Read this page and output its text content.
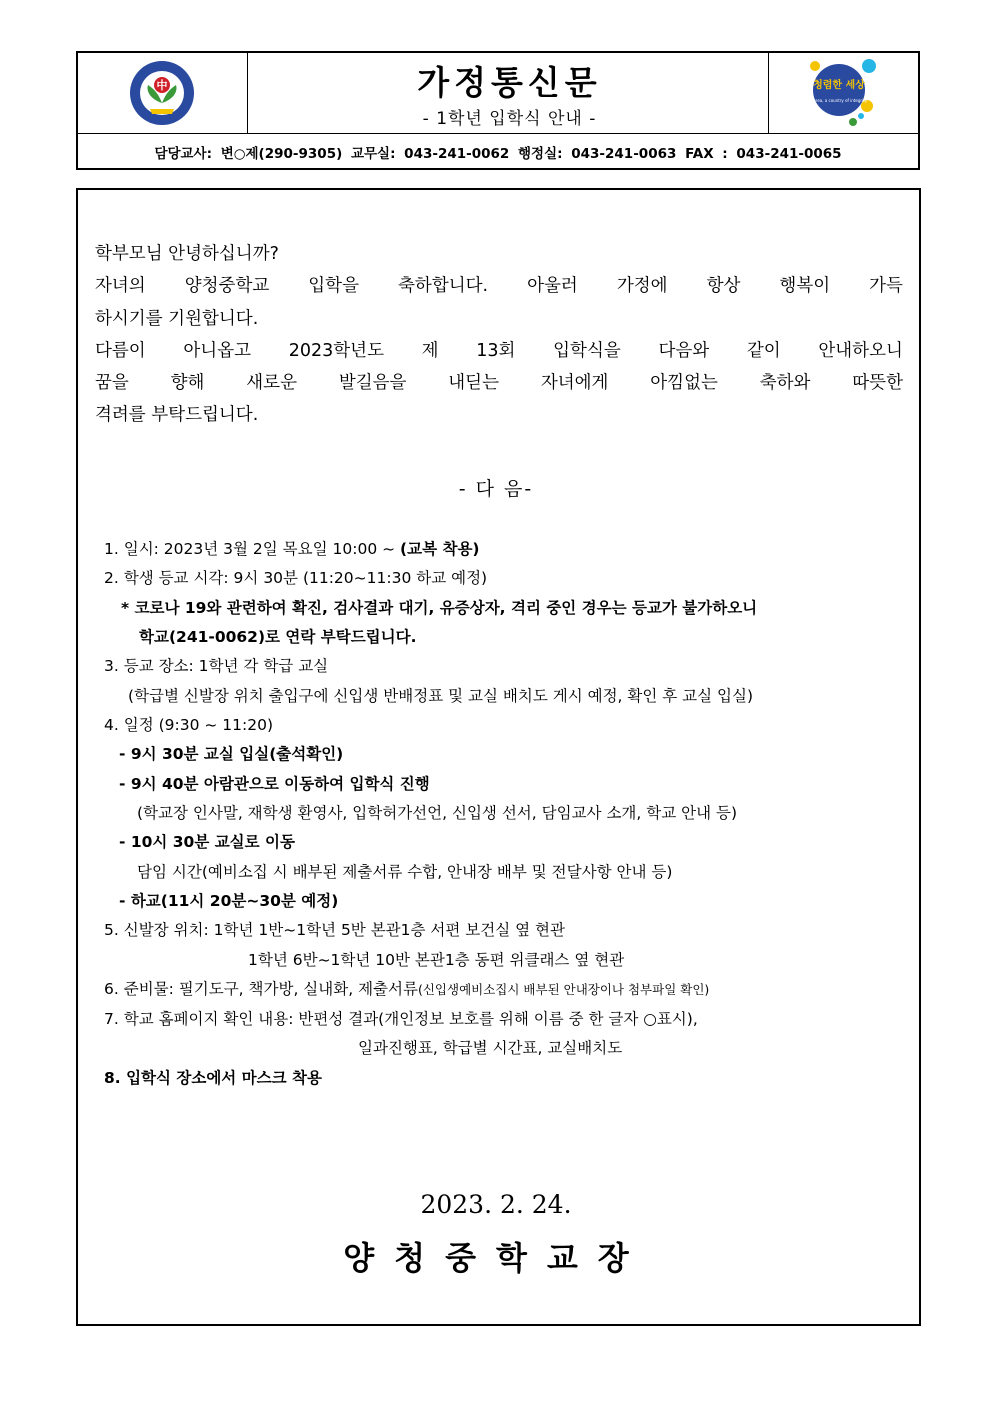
中	가정통신문
- 1학년 입학식 안내 -
청렴한 세상
Korea, a country of integrity
담당교사: 변○제(290-9305) 교무실: 043-241-0062 행정실: 043-241-0063 FAX : 043-241-0065
학부모님 안녕하십니까?
자녀의 양청중학교 입학을 축하합니다. 아울러 가정에 항상 행복이 가득
하시기를 기원합니다.
다름이 아니옵고 2023학년도 제 13회 입학식을 다음와 같이 안내하오니
꿈을 향해 새로운 발길음을 내딛는 자녀에게 아낌없는 축하와 따뜻한
격려를 부탁드립니다.
- 다 음-
1. 일시: 2023년 3월 2일 목요일 10:00 ~ (교복 착용)
2. 학생 등교 시각: 9시 30분 (11:20~11:30 하교 예정)
* 코로나 19와 관련하여 확진, 검사결과 대기, 유증상자, 격리 중인 경우는 등교가 불가하오니
학교(241-0062)로 연락 부탁드립니다.
3. 등교 장소: 1학년 각 학급 교실
(학급별 신발장 위치 출입구에 신입생 반배정표 및 교실 배치도 게시 예정, 확인 후 교실 입실)
4. 일정 (9:30 ~ 11:20)
- 9시 30분 교실 입실(출석확인)
- 9시 40분 아람관으로 이동하여 입학식 진행
(학교장 인사말, 재학생 환영사, 입학허가선언, 신입생 선서, 담임교사 소개, 학교 안내 등)
- 10시 30분 교실로 이동
담임 시간(예비소집 시 배부된 제출서류 수합, 안내장 배부 및 전달사항 안내 등)
- 하교(11시 20분~30분 예정)
5. 신발장 위치: 1학년 1반~1학년 5반 본관1층 서편 보건실 옆 현관
1학년 6반~1학년 10반 본관1층 동편 위클래스 옆 현관
6. 준비물: 필기도구, 책가방, 실내화, 제출서류(신입생예비소집시 배부된 안내장이나 첨부파일 확인)
7. 학교 홈페이지 확인 내용: 반편성 결과(개인정보 보호를 위해 이름 중 한 글자 ○표시),
일과진행표, 학급별 시간표, 교실배치도
8. 입학식 장소에서 마스크 착용
2023. 2. 24.
양청중학교장
